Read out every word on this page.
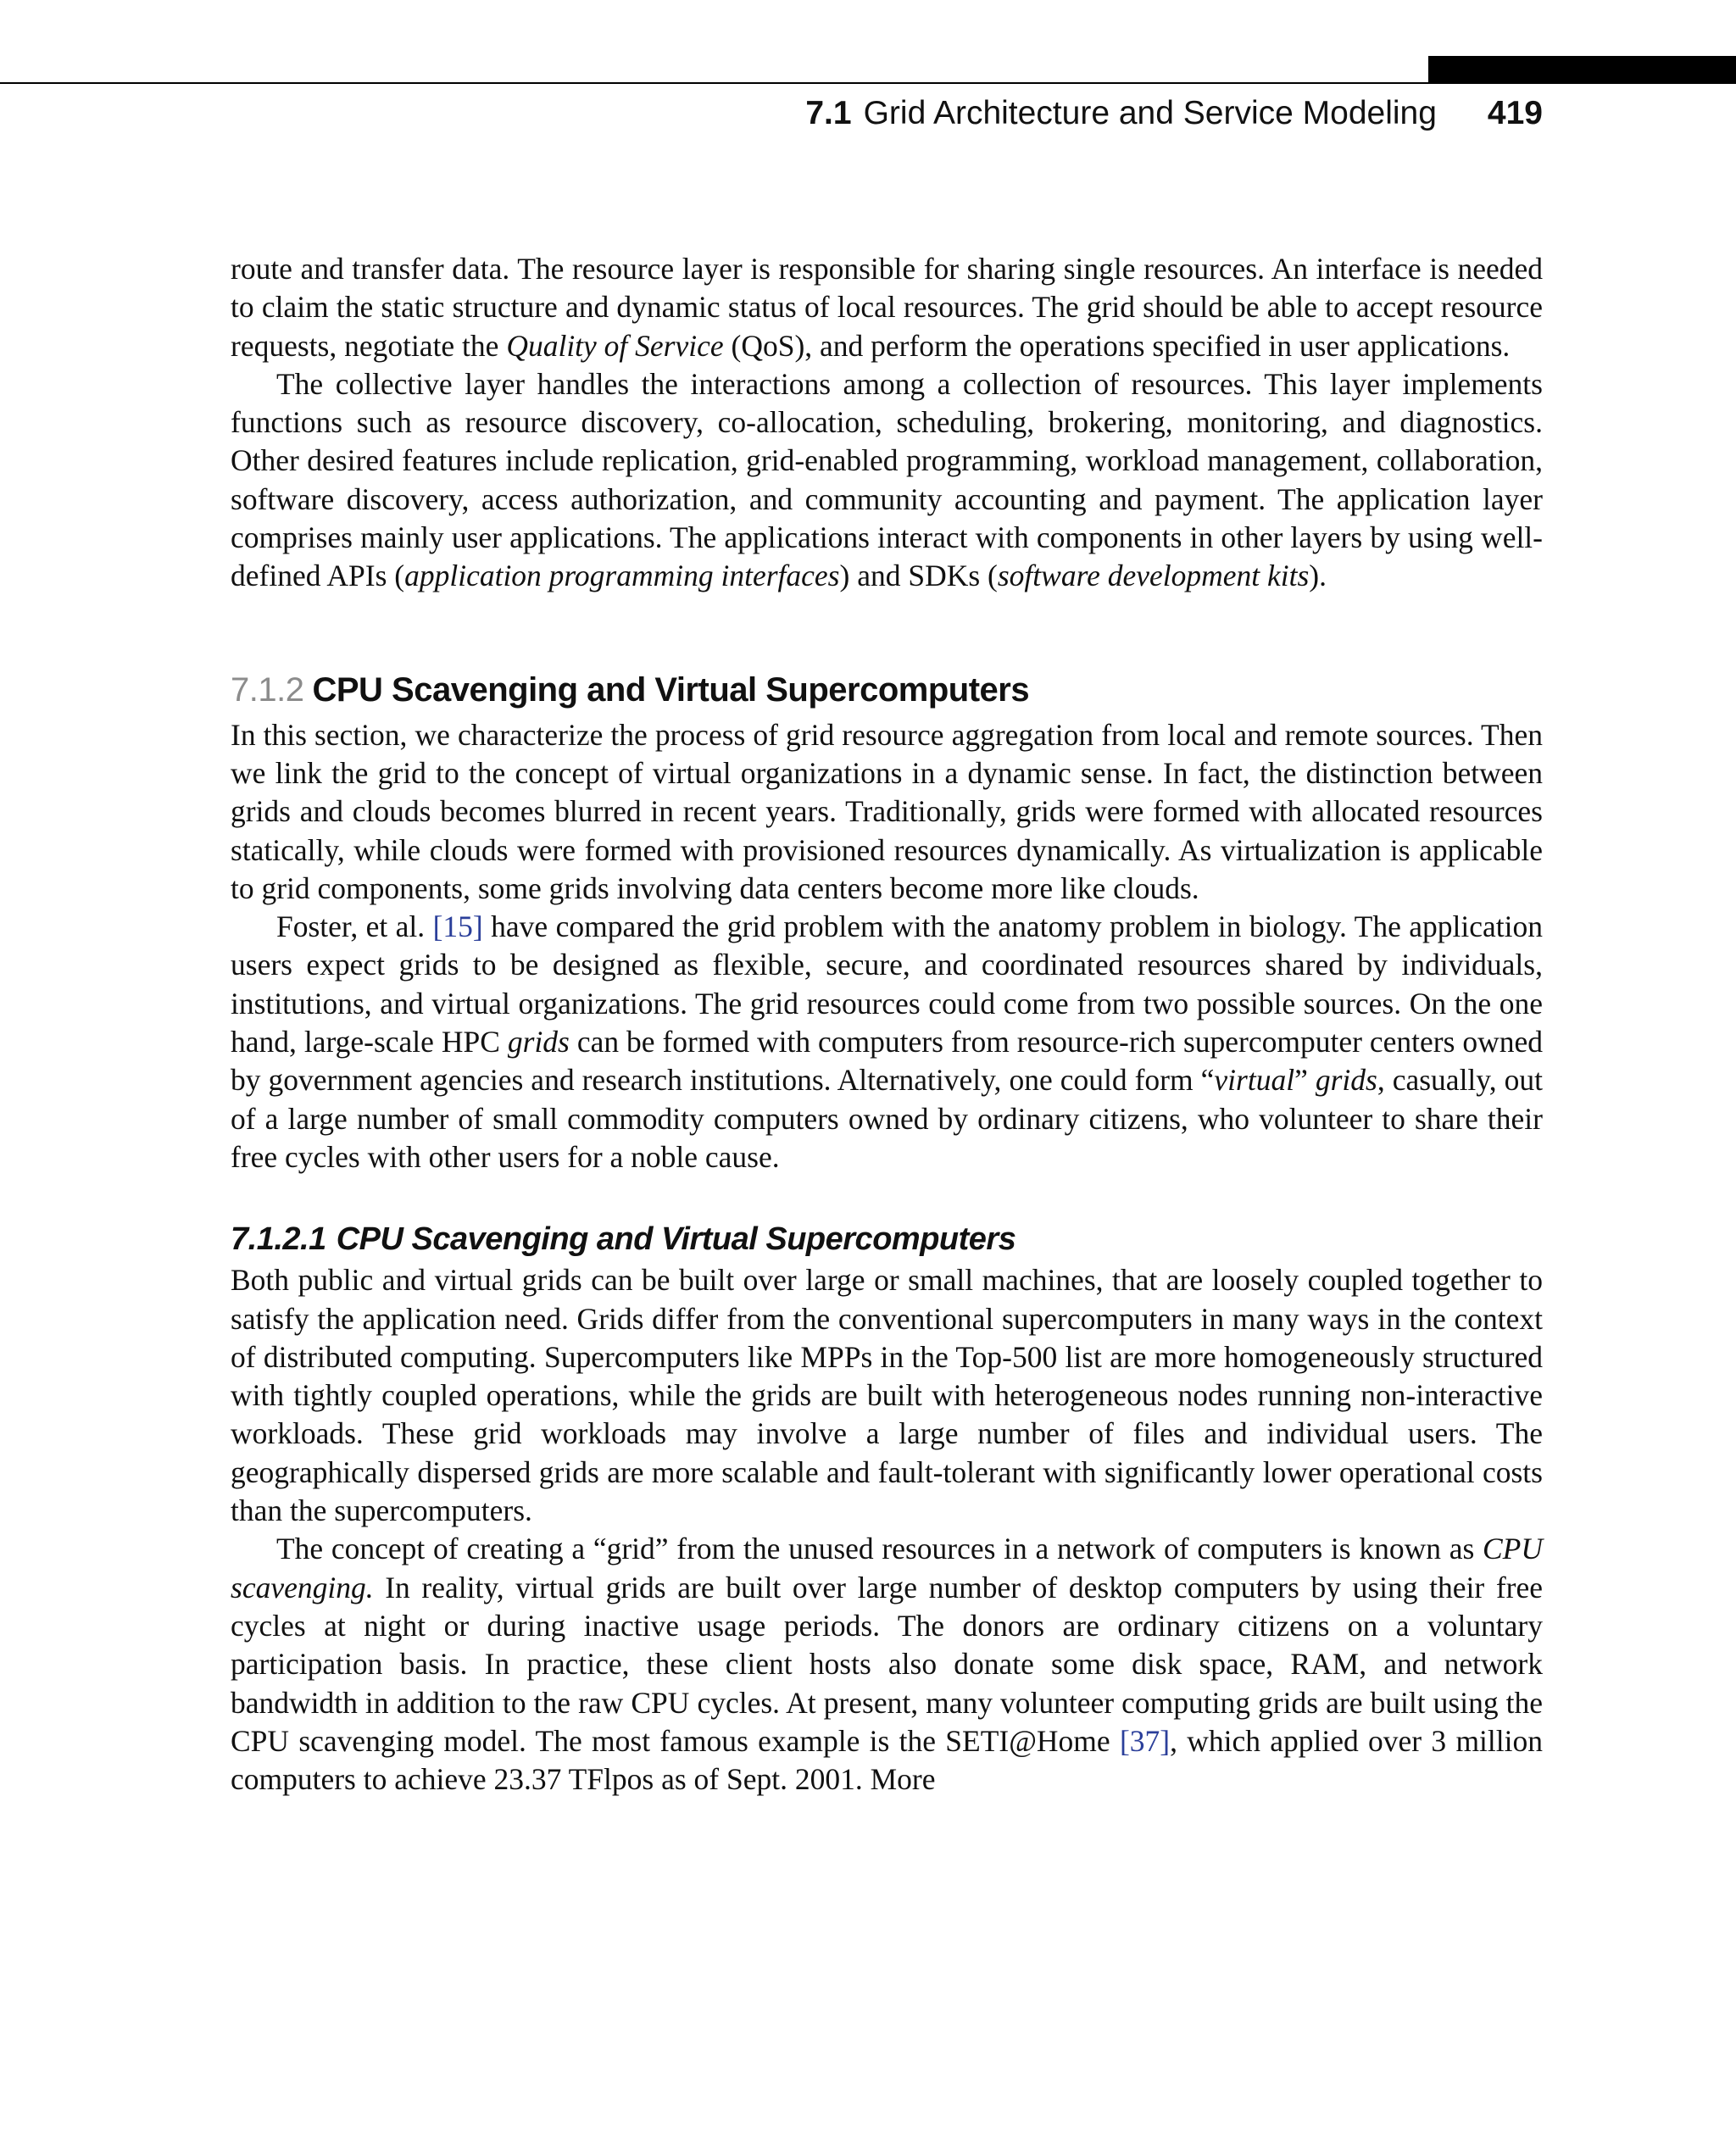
7.1 Grid Architecture and Service Modeling 419

route and transfer data. The resource layer is responsible for sharing single resources. An interface is needed to claim the static structure and dynamic status of local resources. The grid should be able to accept resource requests, negotiate the Quality of Service (QoS), and perform the operations specified in user applications.

The collective layer handles the interactions among a collection of resources. This layer implements functions such as resource discovery, co-allocation, scheduling, brokering, monitoring, and diagnostics. Other desired features include replication, grid-enabled programming, workload management, collaboration, software discovery, access authorization, and community accounting and payment. The application layer comprises mainly user applications. The applications interact with components in other layers by using well-defined APIs (application programming interfaces) and SDKs (software development kits).

7.1.2 CPU Scavenging and Virtual Supercomputers

In this section, we characterize the process of grid resource aggregation from local and remote sources. Then we link the grid to the concept of virtual organizations in a dynamic sense. In fact, the distinction between grids and clouds becomes blurred in recent years. Traditionally, grids were formed with allocated resources statically, while clouds were formed with provisioned resources dynamically. As virtualization is applicable to grid components, some grids involving data centers become more like clouds.

Foster, et al. [15] have compared the grid problem with the anatomy problem in biology. The application users expect grids to be designed as flexible, secure, and coordinated resources shared by individuals, institutions, and virtual organizations. The grid resources could come from two possible sources. On the one hand, large-scale HPC grids can be formed with computers from resource-rich supercomputer centers owned by government agencies and research institutions. Alternatively, one could form “virtual” grids, casually, out of a large number of small commodity computers owned by ordinary citizens, who volunteer to share their free cycles with other users for a noble cause.

7.1.2.1 CPU Scavenging and Virtual Supercomputers

Both public and virtual grids can be built over large or small machines, that are loosely coupled together to satisfy the application need. Grids differ from the conventional supercomputers in many ways in the context of distributed computing. Supercomputers like MPPs in the Top-500 list are more homogeneously structured with tightly coupled operations, while the grids are built with heterogeneous nodes running non-interactive workloads. These grid workloads may involve a large number of files and individual users. The geographically dispersed grids are more scalable and fault-tolerant with significantly lower operational costs than the supercomputers.

The concept of creating a “grid” from the unused resources in a network of computers is known as CPU scavenging. In reality, virtual grids are built over large number of desktop computers by using their free cycles at night or during inactive usage periods. The donors are ordinary citizens on a voluntary participation basis. In practice, these client hosts also donate some disk space, RAM, and network bandwidth in addition to the raw CPU cycles. At present, many volunteer computing grids are built using the CPU scavenging model. The most famous example is the SETI@Home [37], which applied over 3 million computers to achieve 23.37 TFlpos as of Sept. 2001. More
